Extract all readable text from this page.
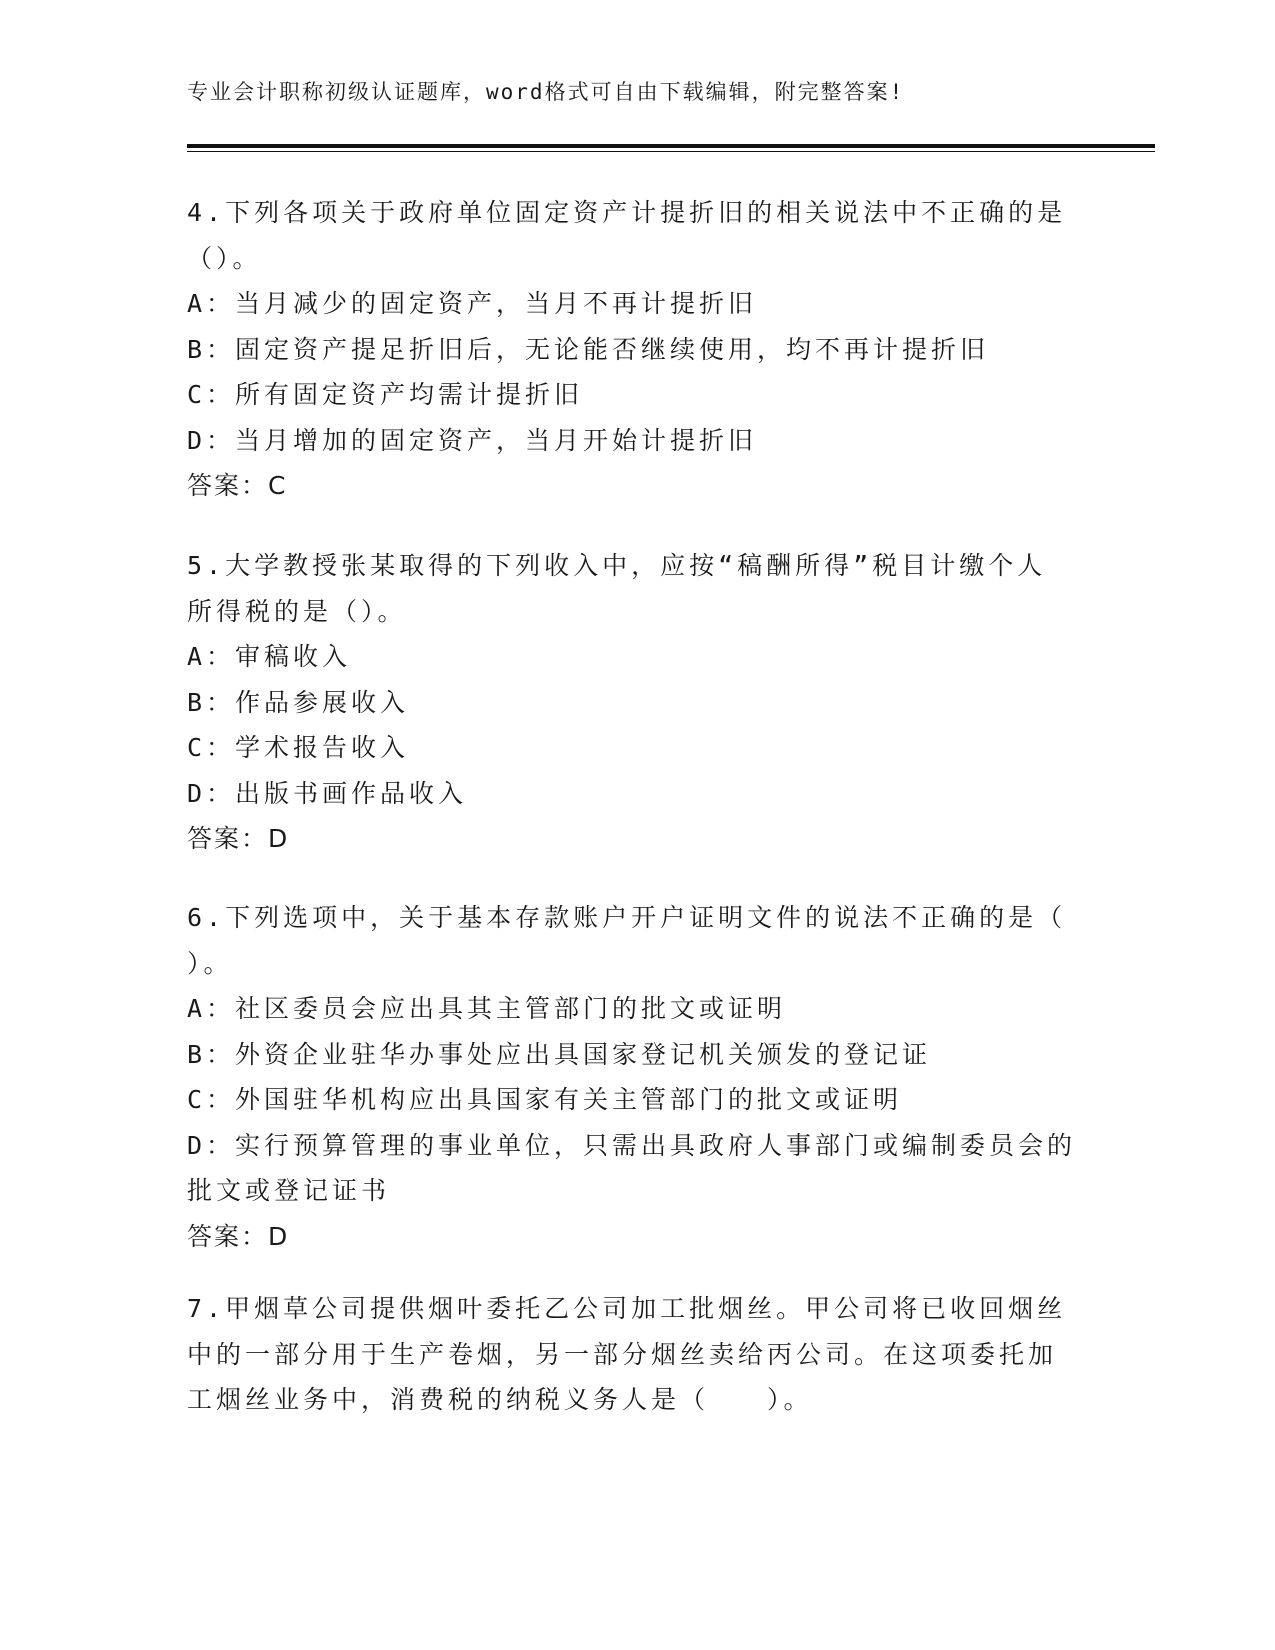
专业会计职称初级认证题库，word格式可自由下载编辑，附完整答案!
4.下列各项关于政府单位固定资产计提折旧的相关说法中不正确的是
（）。
A：当月减少的固定资产，当月不再计提折旧
B：固定资产提足折旧后，无论能否继续使用，均不再计提折旧
C：所有固定资产均需计提折旧
D：当月增加的固定资产，当月开始计提折旧
答案：C
5.大学教授张某取得的下列收入中，应按“稿酬所得”税目计缴个人
所得税的是（）。
A：审稿收入
B：作品参展收入
C：学术报告收入
D：出版书画作品收入
答案：D
6.下列选项中，关于基本存款账户开户证明文件的说法不正确的是（
）。
A：社区委员会应出具其主管部门的批文或证明
B：外资企业驻华办事处应出具国家登记机关颁发的登记证
C：外国驻华机构应出具国家有关主管部门的批文或证明
D：实行预算管理的事业单位，只需出具政府人事部门或编制委员会的
批文或登记证书
答案：D
7.甲烟草公司提供烟叶委托乙公司加工批烟丝。甲公司将已收回烟丝
中的一部分用于生产卷烟，另一部分烟丝卖给丙公司。在这项委托加
工烟丝业务中，消费税的纳税义务人是（　　）。
